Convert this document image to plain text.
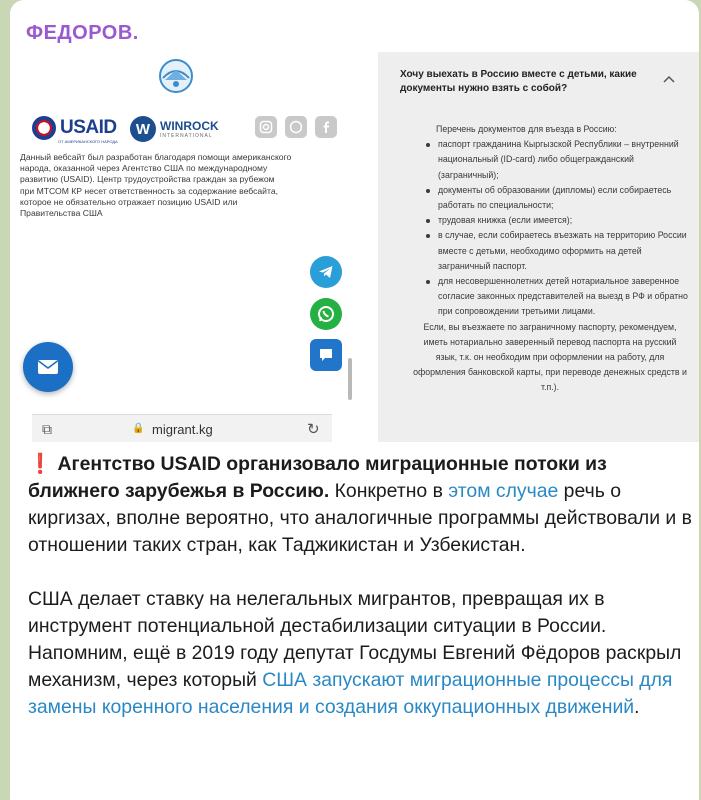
ФЕДОРОВ.
USAID
ОТ АМЕРИКАНСКОГО НАРОДА
W WINROCK
INTERNATIONAL
Данный вебсайт был разработан благодаря помощи американского
народа, оказанной через Агентство США по международному
развитию (USAID). Центр трудоустройства граждан за рубежом
при МТСОМ КР несет ответственность за содержание вебсайта,
которое не обязательно отражает позицию USAID или
Правительства США
⧉	🔒 migrant.kg	↻
Хочу выехать в Россию вместе с детьми, какие документы нужно взять с собой?
Перечень документов для въезда в Россию:
паспорт гражданина Кыргызской Республики – внутренний национальный (ID-card) либо общегражданский (заграничный);
документы об образовании (дипломы) если собираетесь работать по специальности;
трудовая книжка (если имеется);
в случае, если собираетесь въезжать на территорию России вместе с детьми, необходимо оформить на детей заграничный паспорт.
для несовершеннолетних детей нотариальное заверенное согласие законных представителей на выезд в РФ и обратно при сопровождении третьими лицами.
Если, вы въезжаете по заграничному паспорту, рекомендуем, иметь нотариально заверенный перевод паспорта на русский язык, т.к. он необходим при оформлении на работу, для оформления банковской карты, при переводе денежных средств и т.п.).
❗ Агентство USAID организовало миграционные потоки из ближнего зарубежья в Россию. Конкретно в этом случае речь о киргизах, вполне вероятно, что аналогичные программы действовали и в отношении таких стран, как Таджикистан и Узбекистан.
США делает ставку на нелегальных мигрантов, превращая их в инструмент потенциальной дестабилизации ситуации в России. Напомним, ещё в 2019 году депутат Госдумы Евгений Фёдоров раскрыл механизм, через который США запускают миграционные процессы для замены коренного населения и создания оккупационных движений.
